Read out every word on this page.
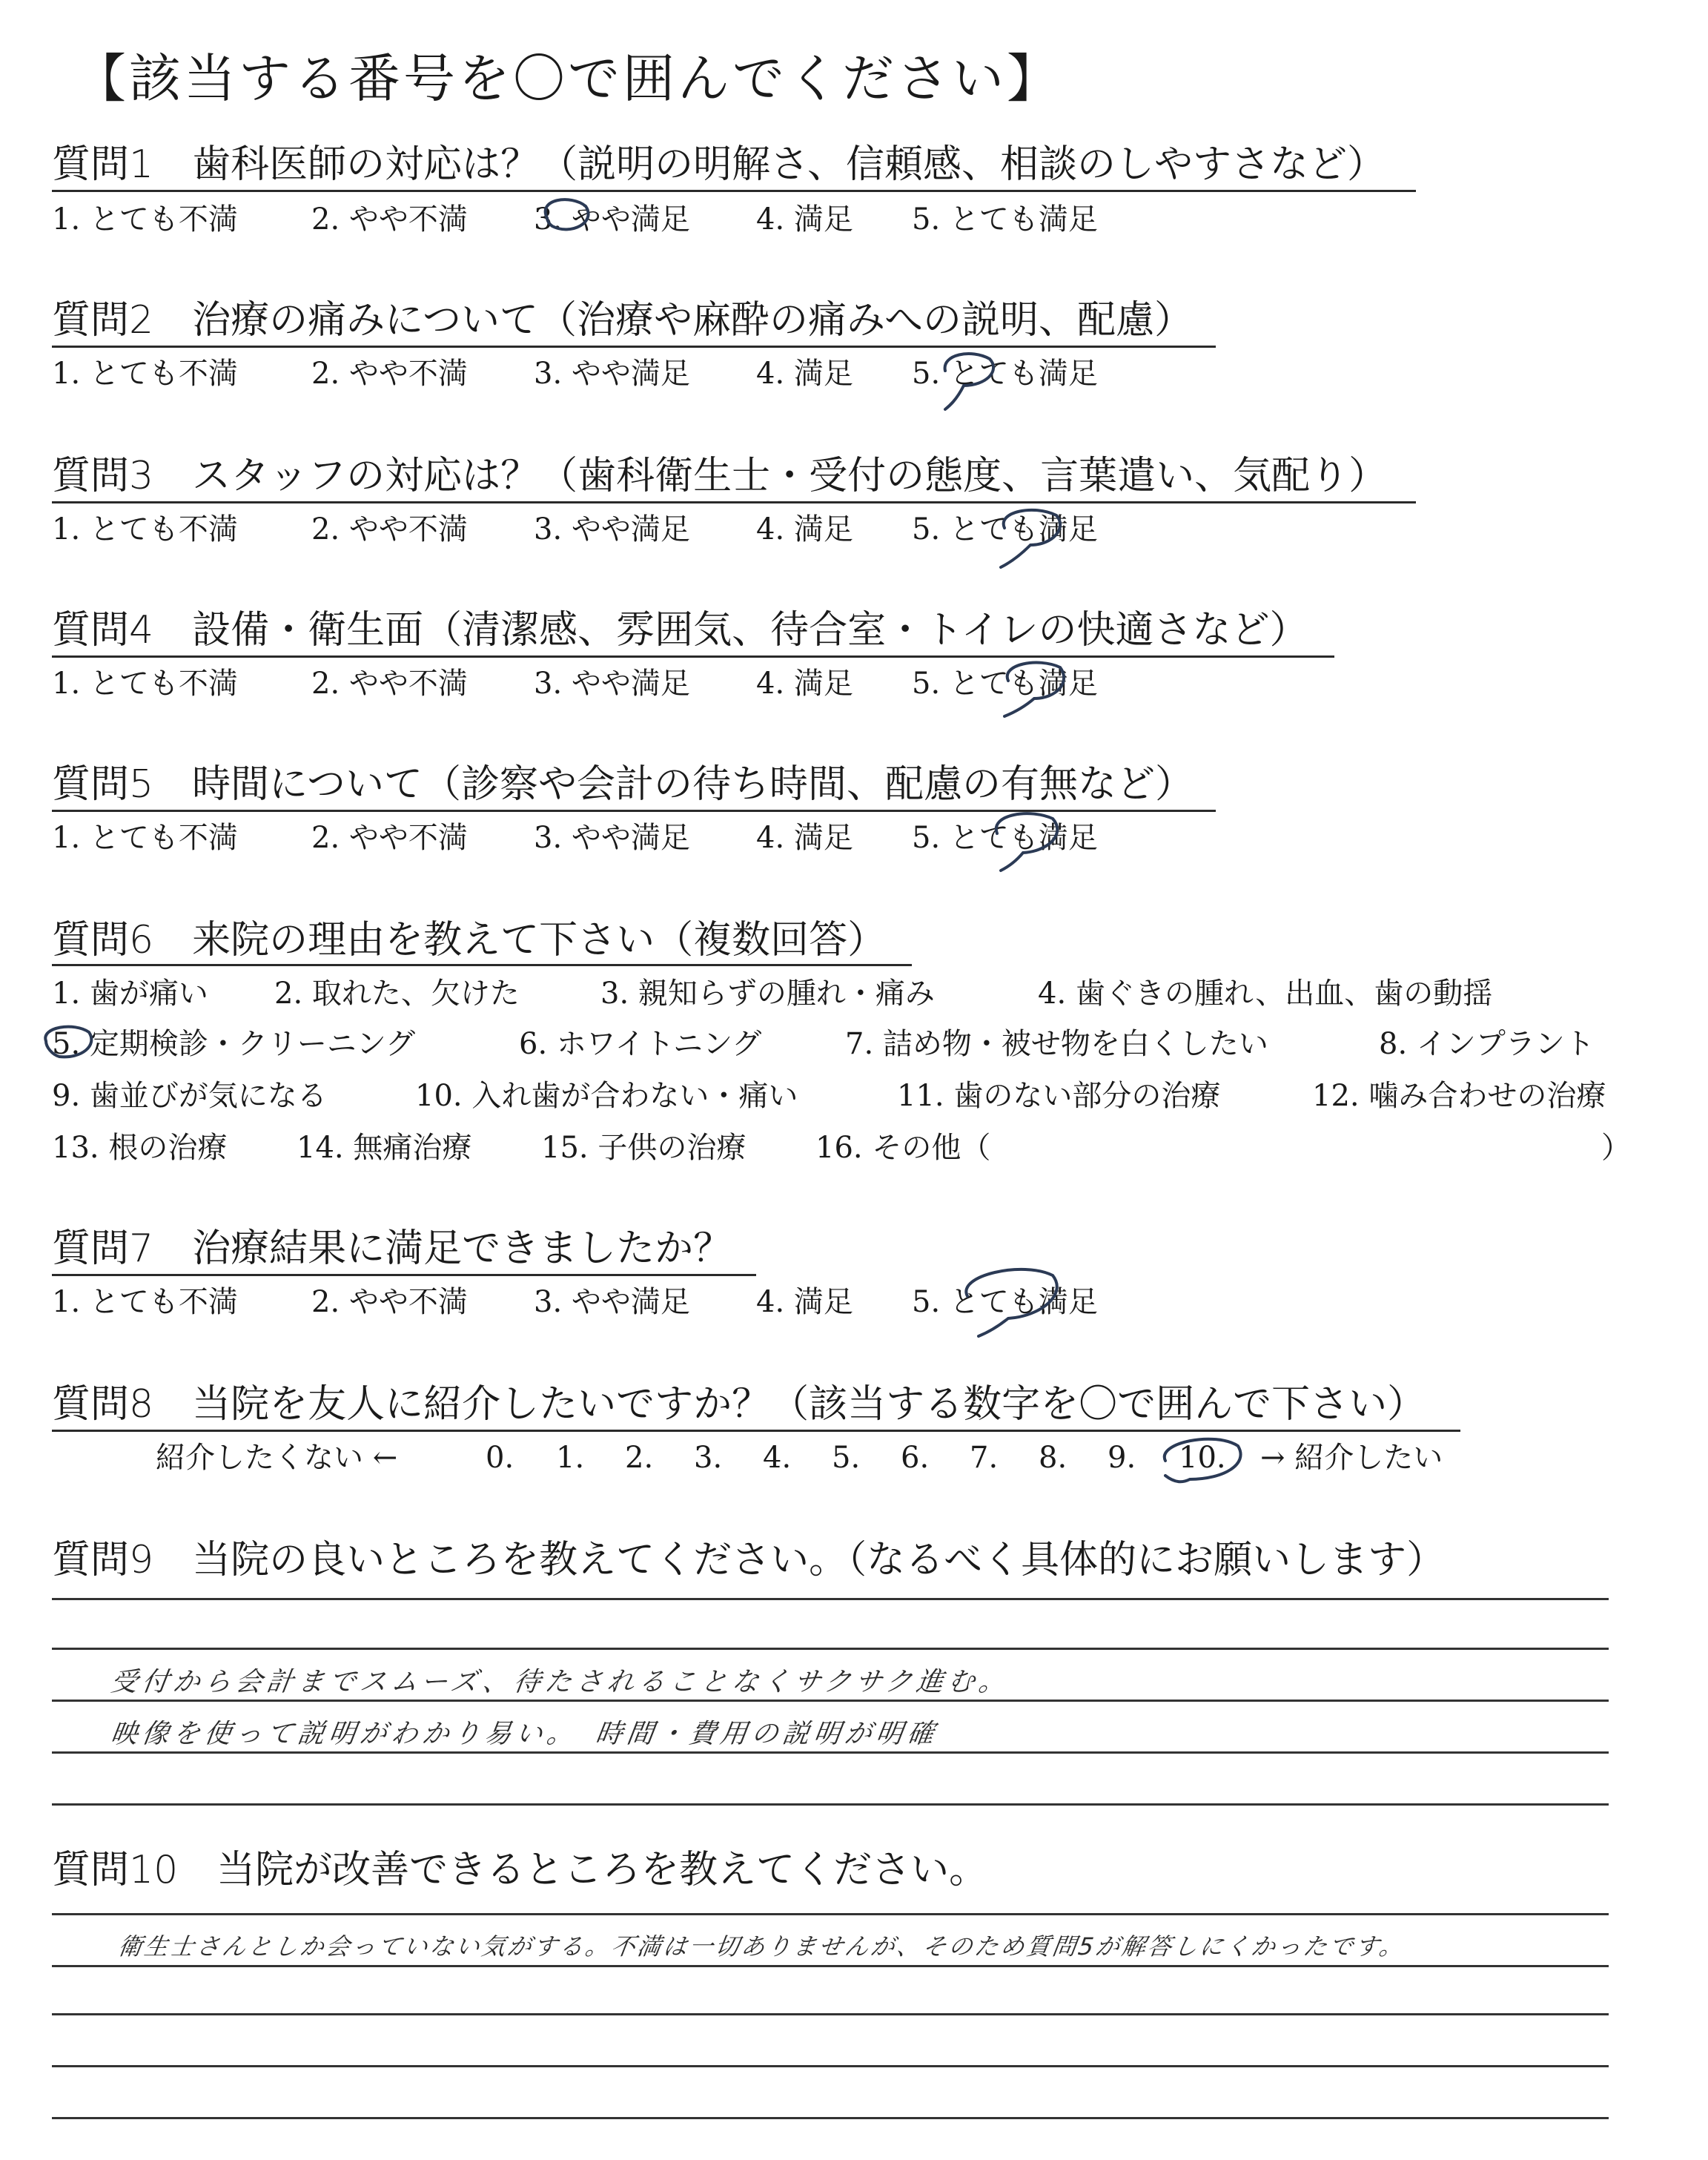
【該当する番号を〇で囲んでください】
質問1　歯科医師の対応は？（説明の明解さ、信頼感、相談のしやすさなど）
1. とても不満 2. やや不満 3. やや満足 4. 満足 5. とても満足
質問2　治療の痛みについて（治療や麻酔の痛みへの説明、配慮）
1. とても不満 2. やや不満 3. やや満足 4. 満足 5. とても満足
質問3　スタッフの対応は？（歯科衛生士・受付の態度、言葉遣い、気配り）
1. とても不満 2. やや不満 3. やや満足 4. 満足 5. とても満足
質問4　設備・衛生面（清潔感、雰囲気、待合室・トイレの快適さなど）
1. とても不満 2. やや不満 3. やや満足 4. 満足 5. とても満足
質問5　時間について（診察や会計の待ち時間、配慮の有無など）
1. とても不満 2. やや不満 3. やや満足 4. 満足 5. とても満足
質問6　来院の理由を教えて下さい（複数回答）
1. 歯が痛い 2. 取れた、欠けた	3. 親知らずの腫れ・痛み	4. 歯ぐきの腫れ、出血、歯の動揺
5. 定期検診・クリーニング	6. ホワイトニング	7. 詰め物・被せ物を白くしたい	8. インプラント
9. 歯並びが気になる	10. 入れ歯が合わない・痛い	11. 歯のない部分の治療	12. 噛み合わせの治療
13. 根の治療 14. 無痛治療 15. 子供の治療 16. その他（	）
質問7　治療結果に満足できましたか？
1. とても不満 2. やや不満 3. やや満足 4. 満足 5. とても満足
質問8　当院を友人に紹介したいですか？（該当する数字を〇で囲んで下さい）
紹介したくない ←	0. 1. 2. 3. 4. 5. 6. 7. 8. 9. 10. → 紹介したい
質問9　当院の良いところを教えてください。（なるべく具体的にお願いします）
受付から会計までスムーズ、待たされることなくサクサク進む。
映像を使って説明がわかり易い。　時間・費用の説明が明確
質問10　当院が改善できるところを教えてください。
衛生士さんとしか会っていない気がする。不満は一切ありませんが、そのため質問5が解答しにくかったです。
